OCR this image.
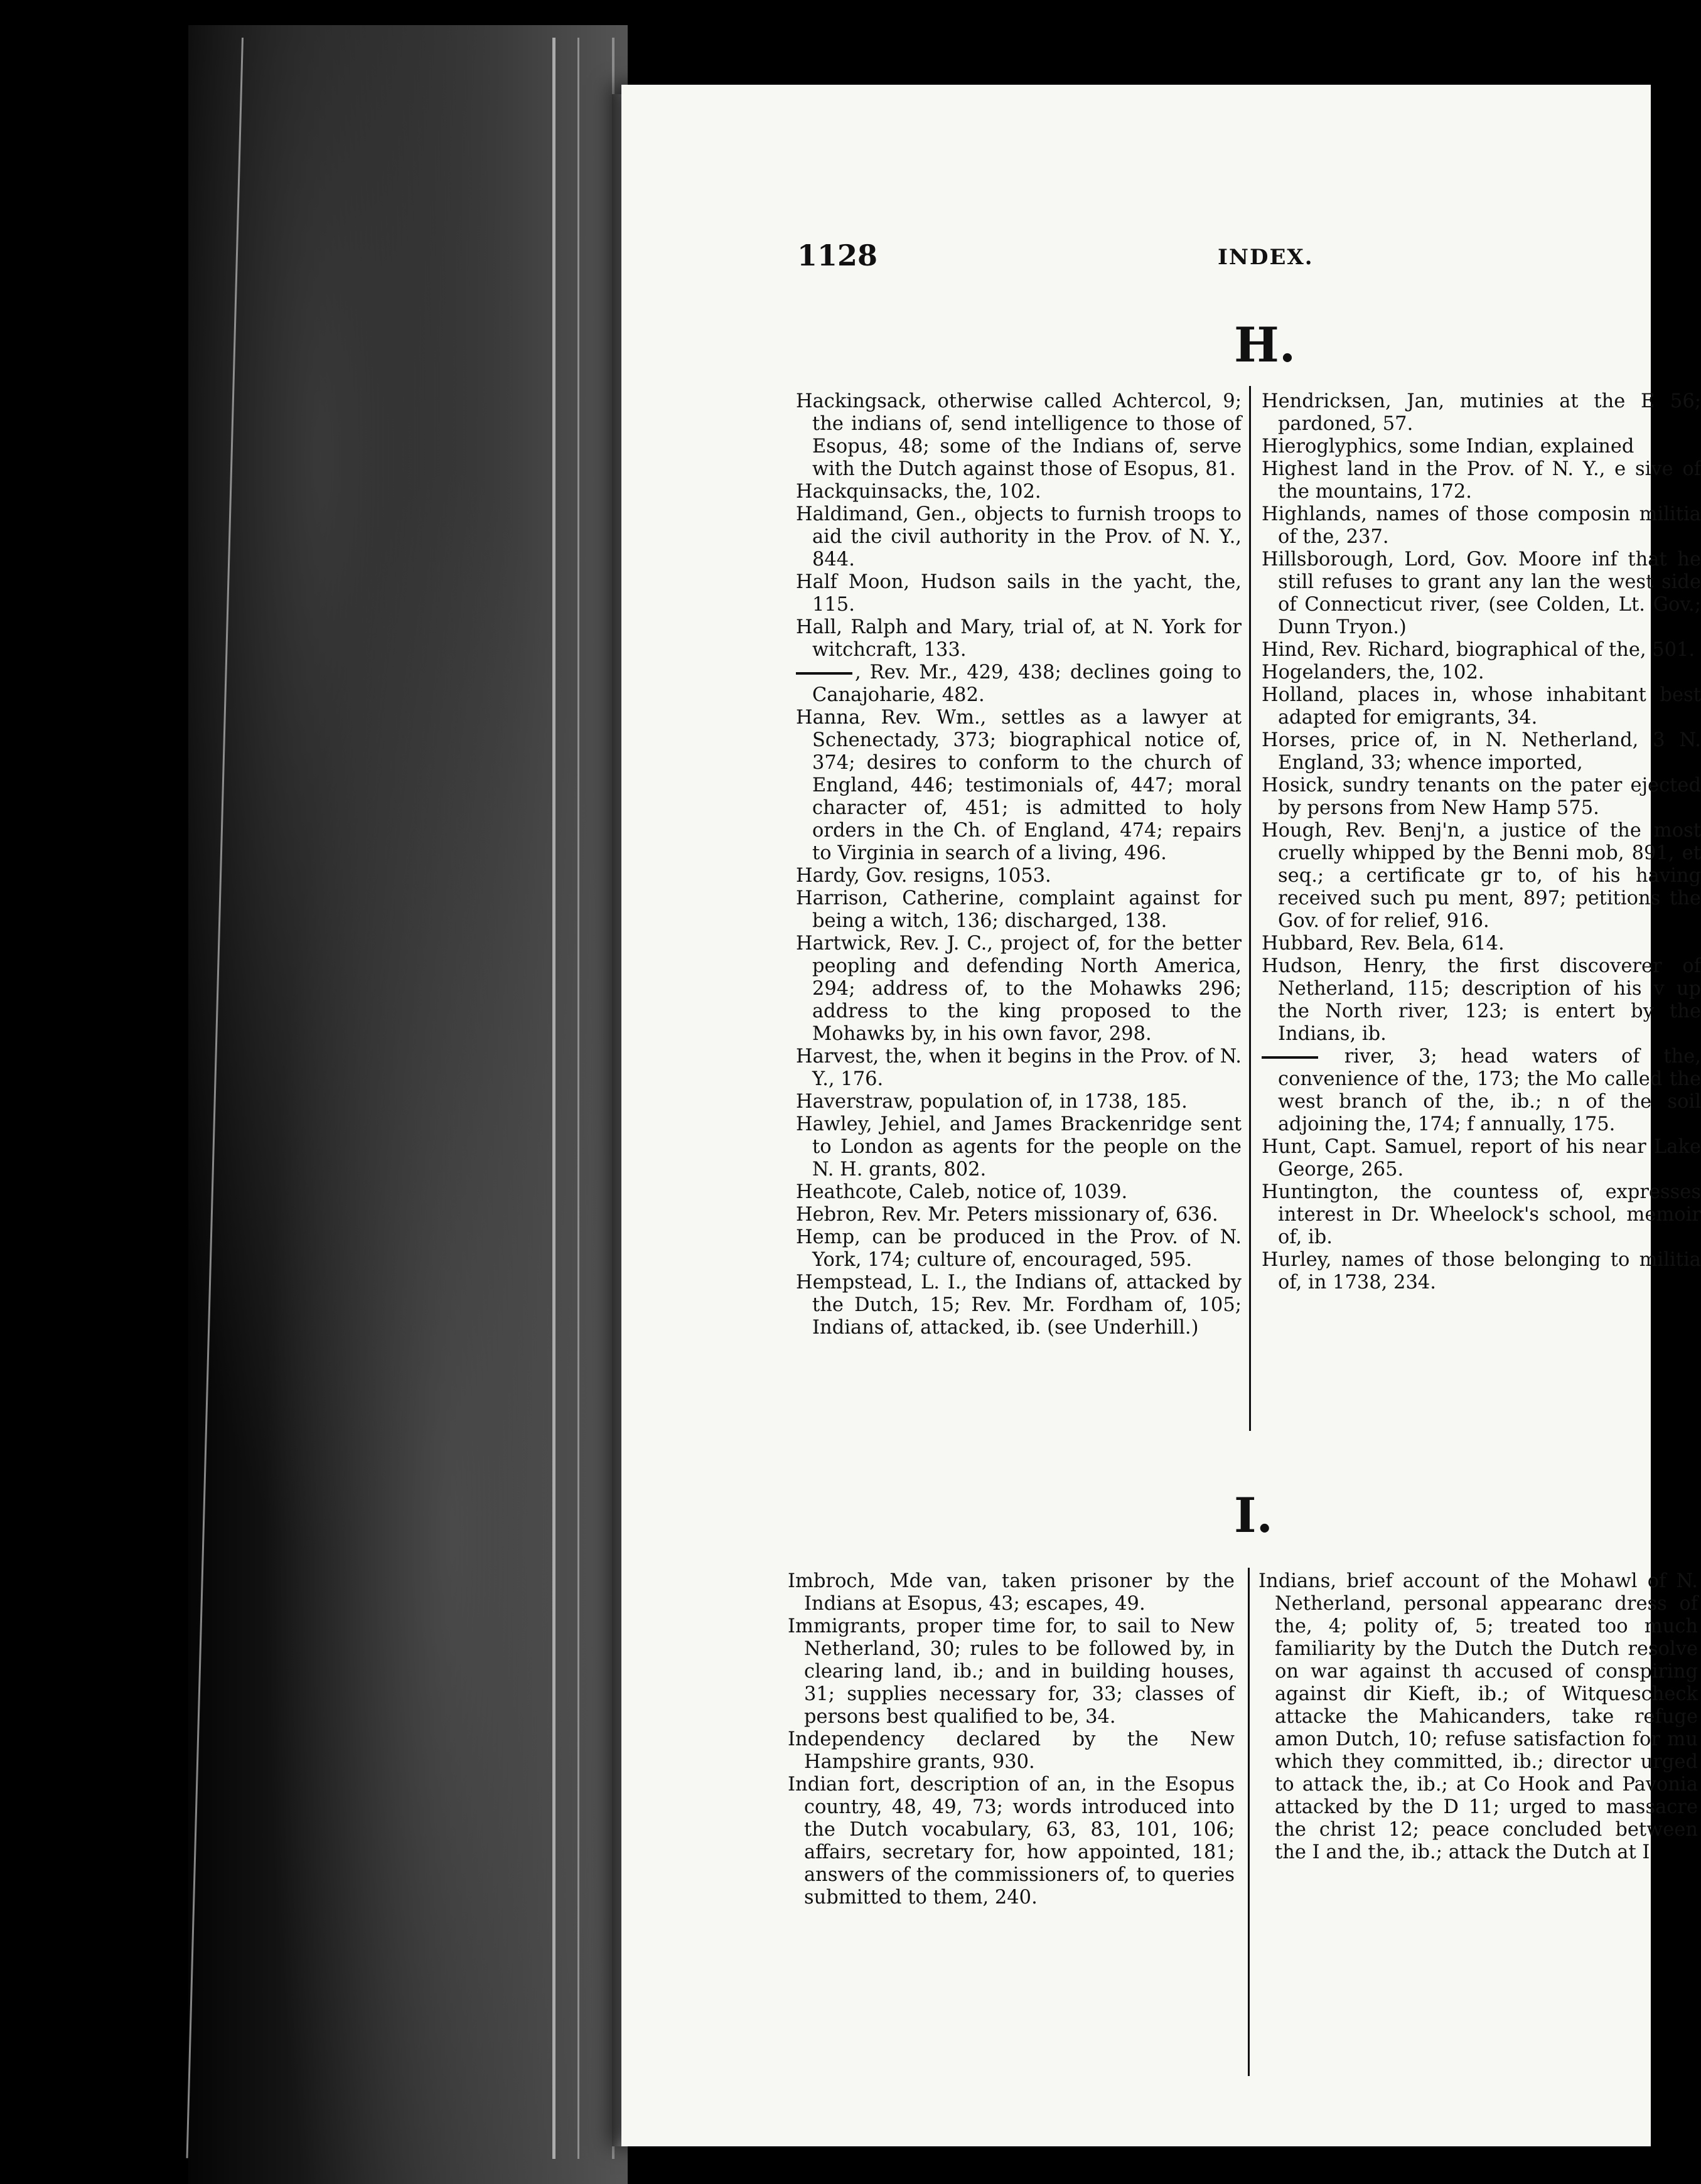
1128	INDEX.
H.
Hackingsack, otherwise called Achtercol, 9; the indians of, send intelligence to those of Esopus, 48; some of the Indians of, serve with the Dutch against those of Esopus, 81.
Hackquinsacks, the, 102.
Haldimand, Gen., objects to furnish troops to aid the civil authority in the Prov. of N. Y., 844.
Half Moon, Hudson sails in the yacht, the, 115.
Hall, Ralph and Mary, trial of, at N. York for witchcraft, 133.
, Rev. Mr., 429, 438; declines going to Canajoharie, 482.
Hanna, Rev. Wm., settles as a lawyer at Schenectady, 373; biographical notice of, 374; desires to conform to the church of England, 446; testimonials of, 447; moral character of, 451; is admitted to holy orders in the Ch. of England, 474; repairs to Virginia in search of a living, 496.
Hardy, Gov. resigns, 1053.
Harrison, Catherine, complaint against for being a witch, 136; discharged, 138.
Hartwick, Rev. J. C., project of, for the better peopling and defending North America, 294; address of, to the Mohawks 296; address to the king proposed to the Mohawks by, in his own favor, 298.
Harvest, the, when it begins in the Prov. of N. Y., 176.
Haverstraw, population of, in 1738, 185.
Hawley, Jehiel, and James Brackenridge sent to London as agents for the people on the N. H. grants, 802.
Heathcote, Caleb, notice of, 1039.
Hebron, Rev. Mr. Peters missionary of, 636.
Hemp, can be produced in the Prov. of N. York, 174; culture of, encouraged, 595.
Hempstead, L. I., the Indians of, attacked by the Dutch, 15; Rev. Mr. Fordham of, 105; Indians of, attacked, ib. (see Underhill.)
Hendricksen, Jan, mutinies at the E 56; pardoned, 57.
Hieroglyphics, some Indian, explained
Highest land in the Prov. of N. Y., e sive of the mountains, 172.
Highlands, names of those composin militia of the, 237.
Hillsborough, Lord, Gov. Moore inf that he still refuses to grant any lan the west side of Connecticut river, (see Colden, Lt. Gov.; Dunn Tryon.)
Hind, Rev. Richard, biographical of the, 501.
Hogelanders, the, 102.
Holland, places in, whose inhabitant best adapted for emigrants, 34.
Horses, price of, in N. Netherland, 3 N. England, 33; whence imported,
Hosick, sundry tenants on the pater ejected by persons from New Hamp 575.
Hough, Rev. Benj'n, a justice of the most cruelly whipped by the Benni mob, 891, et seq.; a certificate gr to, of his having received such pu ment, 897; petitions the Gov. of for relief, 916.
Hubbard, Rev. Bela, 614.
Hudson, Henry, the first discoverer of Netherland, 115; description of his v up the North river, 123; is entert by the Indians, ib.
river, 3; head waters of the, convenience of the, 173; the Mo called the west branch of the, ib.; n of the soil adjoining the, 174; f annually, 175.
Hunt, Capt. Samuel, report of his near Lake George, 265.
Huntington, the countess of, expresses interest in Dr. Wheelock's school, memoir of, ib.
Hurley, names of those belonging to militia of, in 1738, 234.
I.
Imbroch, Mde van, taken prisoner by the Indians at Esopus, 43; escapes, 49.
Immigrants, proper time for, to sail to New Netherland, 30; rules to be followed by, in clearing land, ib.; and in building houses, 31; supplies necessary for, 33; classes of persons best qualified to be, 34.
Independency declared by the New Hampshire grants, 930.
Indian fort, description of an, in the Esopus country, 48, 49, 73; words introduced into the Dutch vocabulary, 63, 83, 101, 106; affairs, secretary for, how appointed, 181; answers of the commissioners of, to queries submitted to them, 240.
Indians, brief account of the Mohawl of N. Netherland, personal appearanc dress of the, 4; polity of, 5; treated too much familiarity by the Dutch the Dutch resolve on war against th accused of conspiring against dir Kieft, ib.; of Witquescheck attacke the Mahicanders, take refuge amon Dutch, 10; refuse satisfaction for mu which they committed, ib.; director urged to attack the, ib.; at Co Hook and Pavonia attacked by the D 11; urged to massacre the christ 12; peace concluded between the I and the, ib.; attack the Dutch at I
